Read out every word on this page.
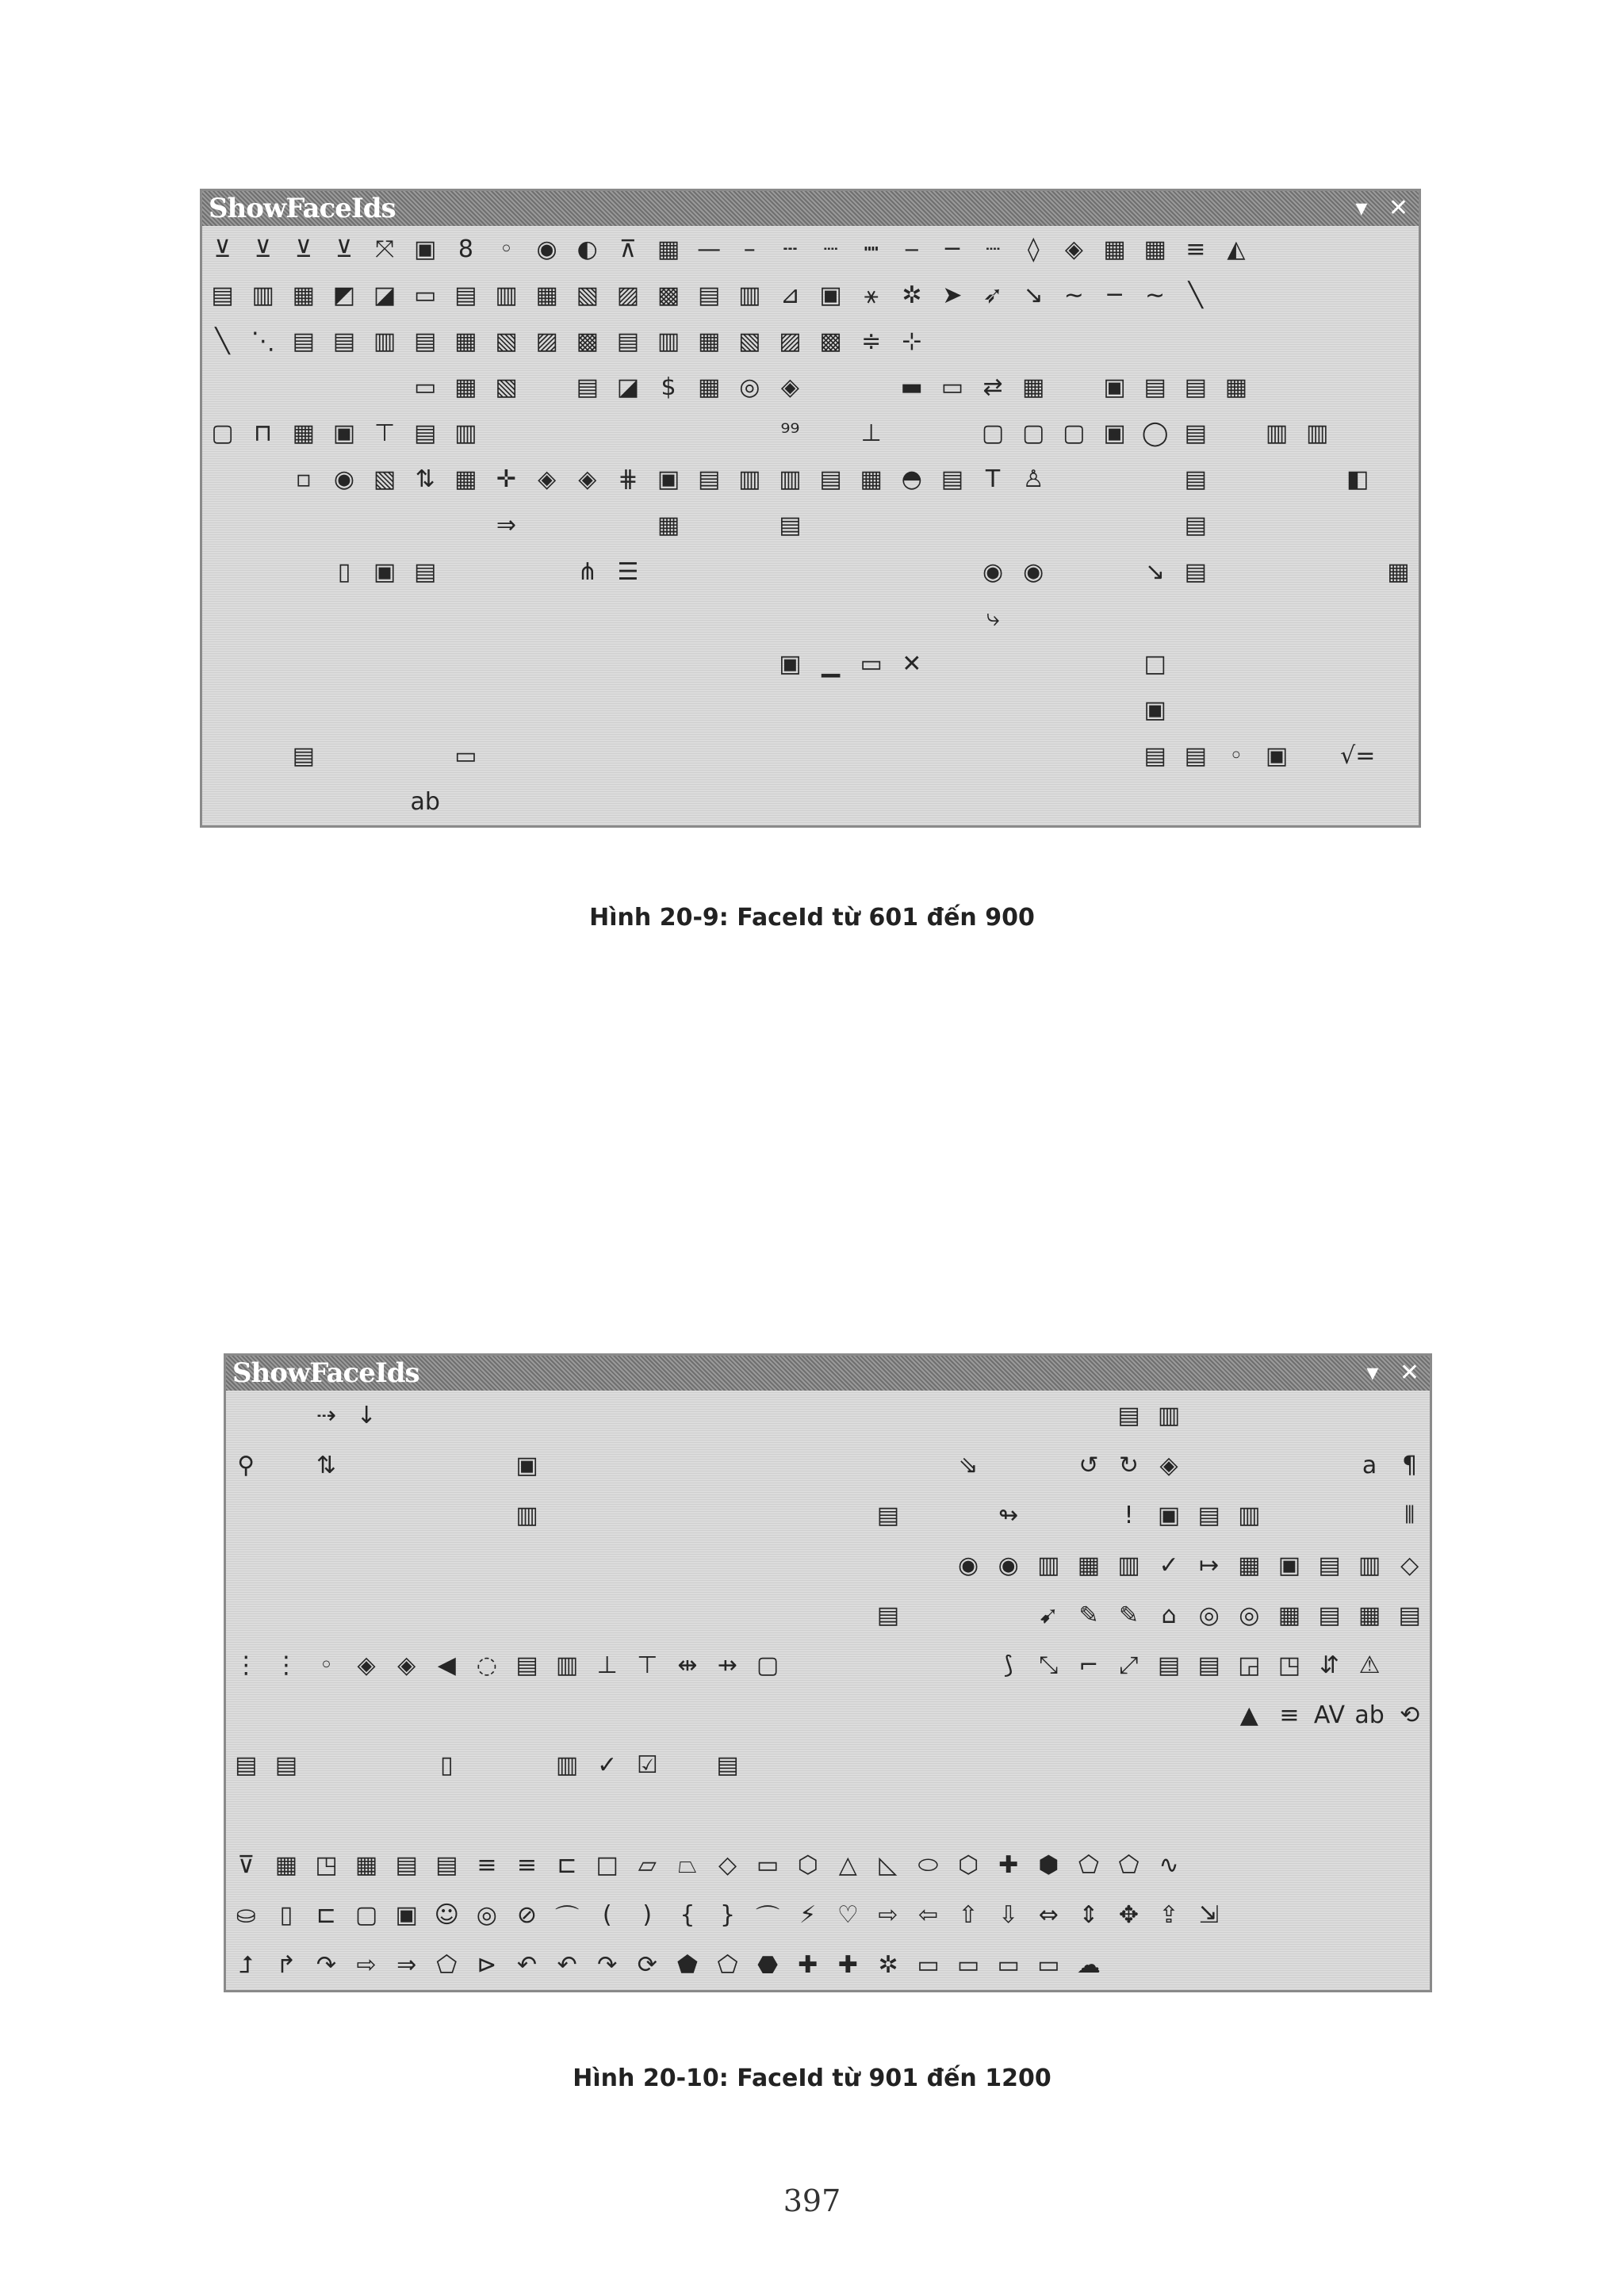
ShowFaceIds	▾ ✕
⊻ ⊻ ⊻ ⊻ ⤧ ▣ 8	◦ ◉ ◐ ⊼ ▦ — –	┄	┈	┉	‒	─	┈	◊	◈ ▦ ▦ ≡ ◭
▤ ▥ ▦ ◩ ◪ ▭ ▤ ▥ ▦ ▧ ▨ ▩ ▤ ▥ ⊿ ▣ ⚹ ✲ ➤ ➶ ↘ ∼ ─ ∼ ╲
╲ ⋱ ▤ ▤ ▥ ▤ ▦ ▧ ▨ ▩ ▤ ▥ ▦ ▧ ▨ ▩ ≑ ⊹
▭ ▦ ▧	▤ ◪ $ ▦ ◎ ◈	▬ ▭ ⇄ ▦	▣ ▤ ▤ ▦
▢ ⊓ ▦ ▣ ⊤ ▤ ▥	⁹⁹	⊥	▢ ▢ ▢ ▣ ◯ ▤	▥ ▥
▫ ◉ ▧ ⇅ ▦ ✛ ◈ ◈ ⋕ ▣ ▤ ▥ ▥ ▤ ▦ ◓ ▤ T ♙	▤	◧
⇒	▦	▤	▤
▯ ▣ ▤	⋔ ☰	◉ ◉	↘ ▤	▦
⤷
▣ ▁ ▭ ✕	□
▣
▤	▭	▤ ▤ ◦ ▣	√=
ab
Hình 20-9: FaceId từ 601 đến 900
ShowFaceIds	▾ ✕
⇢ ↓	▤ ▥
⚲	⇅	▣	⇘	↺ ↻ ◈	a	¶
▥	▤	↬	!	▣ ▤ ▥	⫴
◉ ◉ ▥ ▦ ▥ ✓ ↦ ▦ ▣ ▤ ▥ ◇
▤	➹ ✎ ✎ ⌂ ◎ ◎ ▦ ▤ ▦ ▤
⋮ ⋮ ◦	◈ ◈ ◀ ◌ ▤ ▥ ⊥ ⊤ ⇹ ⇸ ▢	⟆	⤡ ⌐ ⤢ ▤ ▤ ◲ ◳ ⇵ ⚠
▲ ≡ AV ab ⟲
▤ ▤	▯	▥ ✓ ☑	▤
⊽ ▦ ◳ ▦ ▤ ▤ ≡ ≡ ⊏ □ ▱ ⏢ ◇ ▭ ⬡ △ ◺ ⬭ ⬡ ✚ ⬢ ⬠ ⬠ ∿
⛀ ▯ ⊏ ▢ ▣ ☺ ◎ ⊘ ⌒ (	)	{	} ⌒ ⚡ ♡ ⇨ ⇦ ⇧ ⇩ ⇔ ⇕ ✥ ⇪ ⇲
⮥ ↱ ↷ ⇨ ⇒ ⬠ ⊳ ↶ ↶ ↷ ⟳ ⬟ ⬠ ⬣ ✚ ✚ ✲ ▭ ▭ ▭ ▭ ☁
Hình 20-10: FaceId từ 901 đến 1200
397
